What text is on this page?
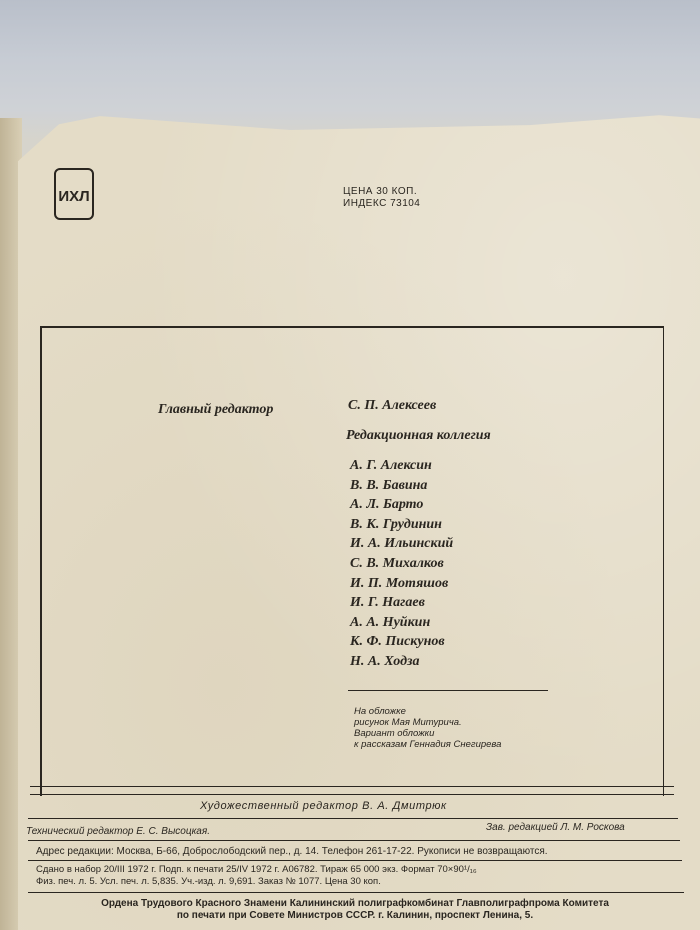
ИХЛ	ЦЕНА 30 КОП.
ИНДЕКС 73104
Главный редактор	С. П. Алексеев
Редакционная коллегия
А. Г. Алексин
В. В. Бавина
А. Л. Барто
В. К. Грудинин
И. А. Ильинский
С. В. Михалков
И. П. Мотяшов
И. Г. Нагаев
А. А. Нуйкин
К. Ф. Пискунов
Н. А. Ходза
На обложке
рисунок Мая Митурича.
Вариант обложки
к рассказам Геннадия Снегирева
Художественный редактор В. А. Дмитрюк
Технический редактор Е. С. Высоцкая.	Зав. редакцией Л. М. Роскова
Адрес редакции: Москва, Б-66, Доброслободский пер., д. 14. Телефон 261-17-22. Рукописи не возвращаются.
Сдано в набор 20/III 1972 г. Подп. к печати 25/IV 1972 г. А06782. Тираж 65 000 экз. Формат 70×90¹/₁₆
Физ. печ. л. 5. Усл. печ. л. 5,835. Уч.-изд. л. 9,691. Заказ № 1077. Цена 30 коп.
Ордена Трудового Красного Знамени Калининский полиграфкомбинат Главполиграфпрома Комитета
по печати при Совете Министров СССР. г. Калинин, проспект Ленина, 5.
